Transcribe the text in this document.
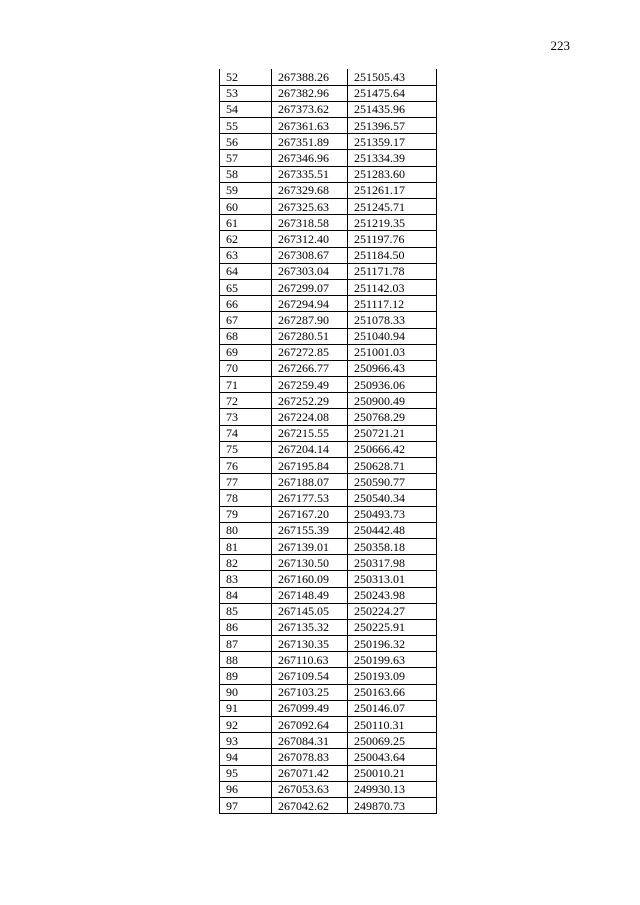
223
52	267388.26	251505.43
53	267382.96	251475.64
54	267373.62	251435.96
55	267361.63	251396.57
56	267351.89	251359.17
57	267346.96	251334.39
58	267335.51	251283.60
59	267329.68	251261.17
60	267325.63	251245.71
61	267318.58	251219.35
62	267312.40	251197.76
63	267308.67	251184.50
64	267303.04	251171.78
65	267299.07	251142.03
66	267294.94	251117.12
67	267287.90	251078.33
68	267280.51	251040.94
69	267272.85	251001.03
70	267266.77	250966.43
71	267259.49	250936.06
72	267252.29	250900.49
73	267224.08	250768.29
74	267215.55	250721.21
75	267204.14	250666.42
76	267195.84	250628.71
77	267188.07	250590.77
78	267177.53	250540.34
79	267167.20	250493.73
80	267155.39	250442.48
81	267139.01	250358.18
82	267130.50	250317.98
83	267160.09	250313.01
84	267148.49	250243.98
85	267145.05	250224.27
86	267135.32	250225.91
87	267130.35	250196.32
88	267110.63	250199.63
89	267109.54	250193.09
90	267103.25	250163.66
91	267099.49	250146.07
92	267092.64	250110.31
93	267084.31	250069.25
94	267078.83	250043.64
95	267071.42	250010.21
96	267053.63	249930.13
97	267042.62	249870.73
